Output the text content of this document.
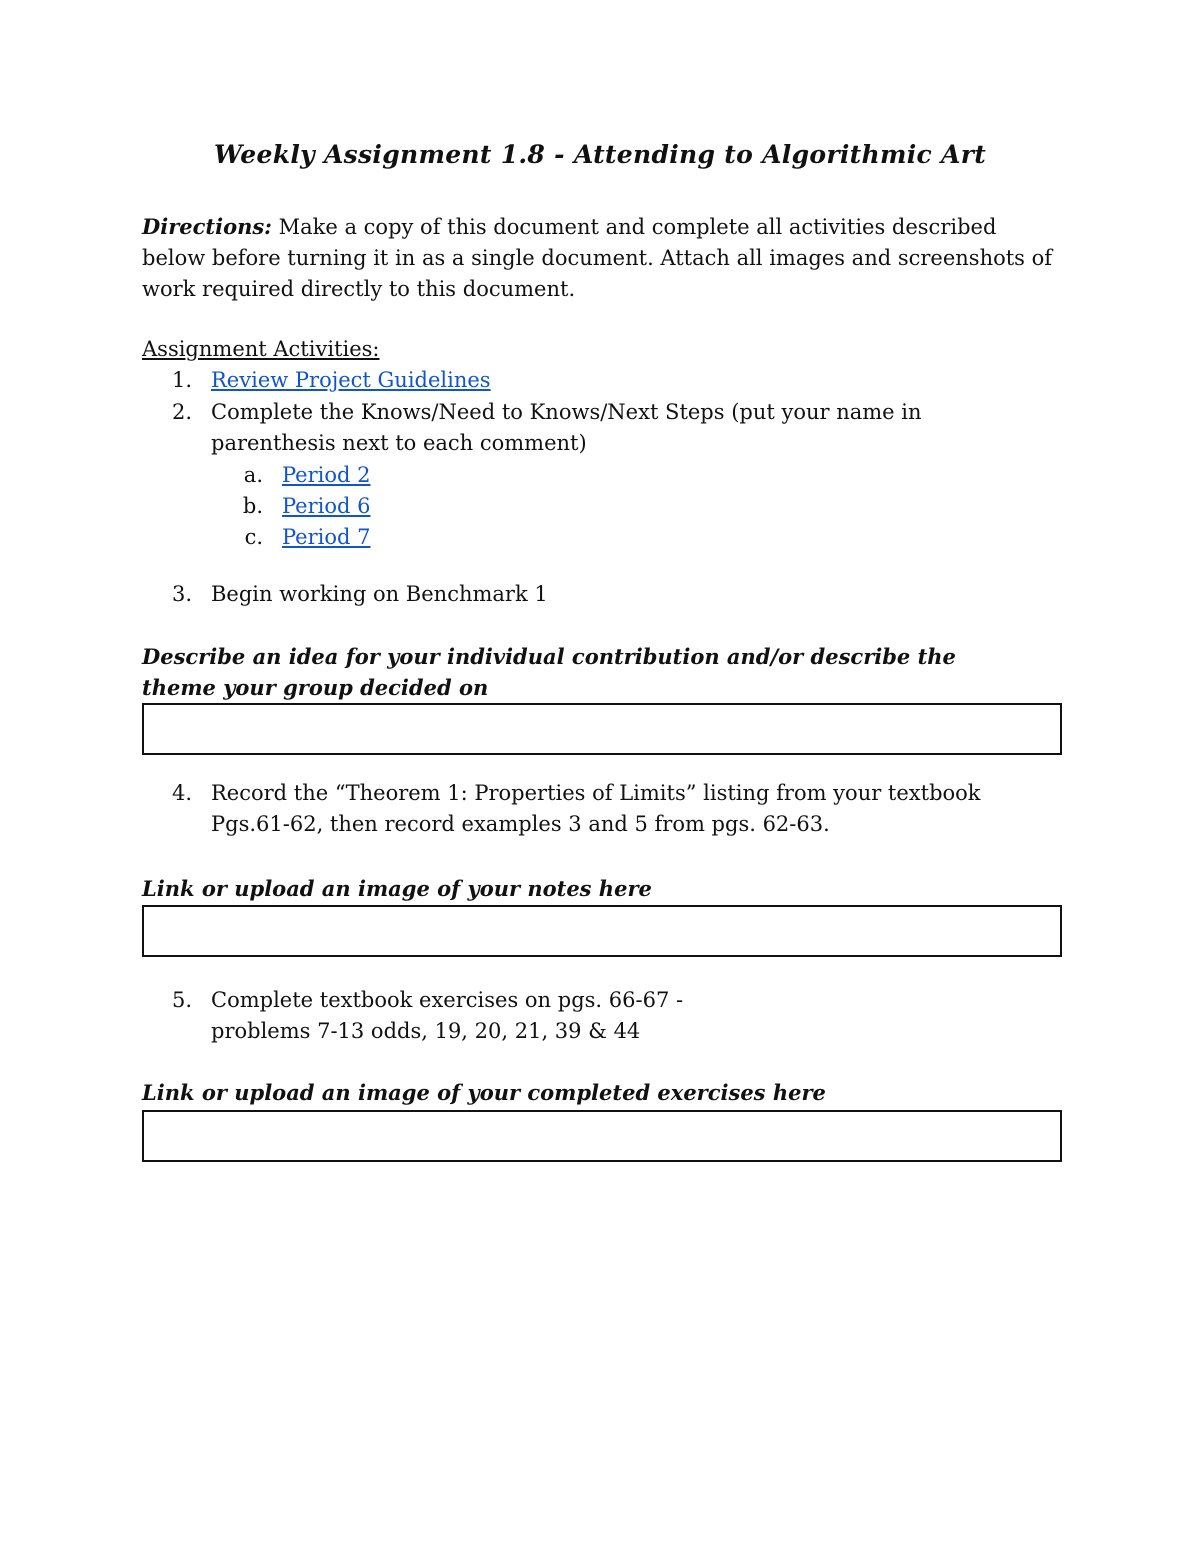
Weekly Assignment 1.8 - Attending to Algorithmic Art
Directions: Make a copy of this document and complete all activities described below before turning it in as a single document. Attach all images and screenshots of work required directly to this document.
Assignment Activities:
1. Review Project Guidelines
2. Complete the Knows/Need to Knows/Next Steps (put your name in parenthesis next to each comment)
a. Period 2
b. Period 6
c. Period 7
3. Begin working on Benchmark 1
Describe an idea for your individual contribution and/or describe the theme your group decided on
4. Record the “Theorem 1: Properties of Limits” listing from your textbook Pgs.61-62, then record examples 3 and 5 from pgs. 62-63.
Link or upload an image of your notes here
5. Complete textbook exercises on pgs. 66-67 -
problems 7-13 odds, 19, 20, 21, 39 & 44
Link or upload an image of your completed exercises here
